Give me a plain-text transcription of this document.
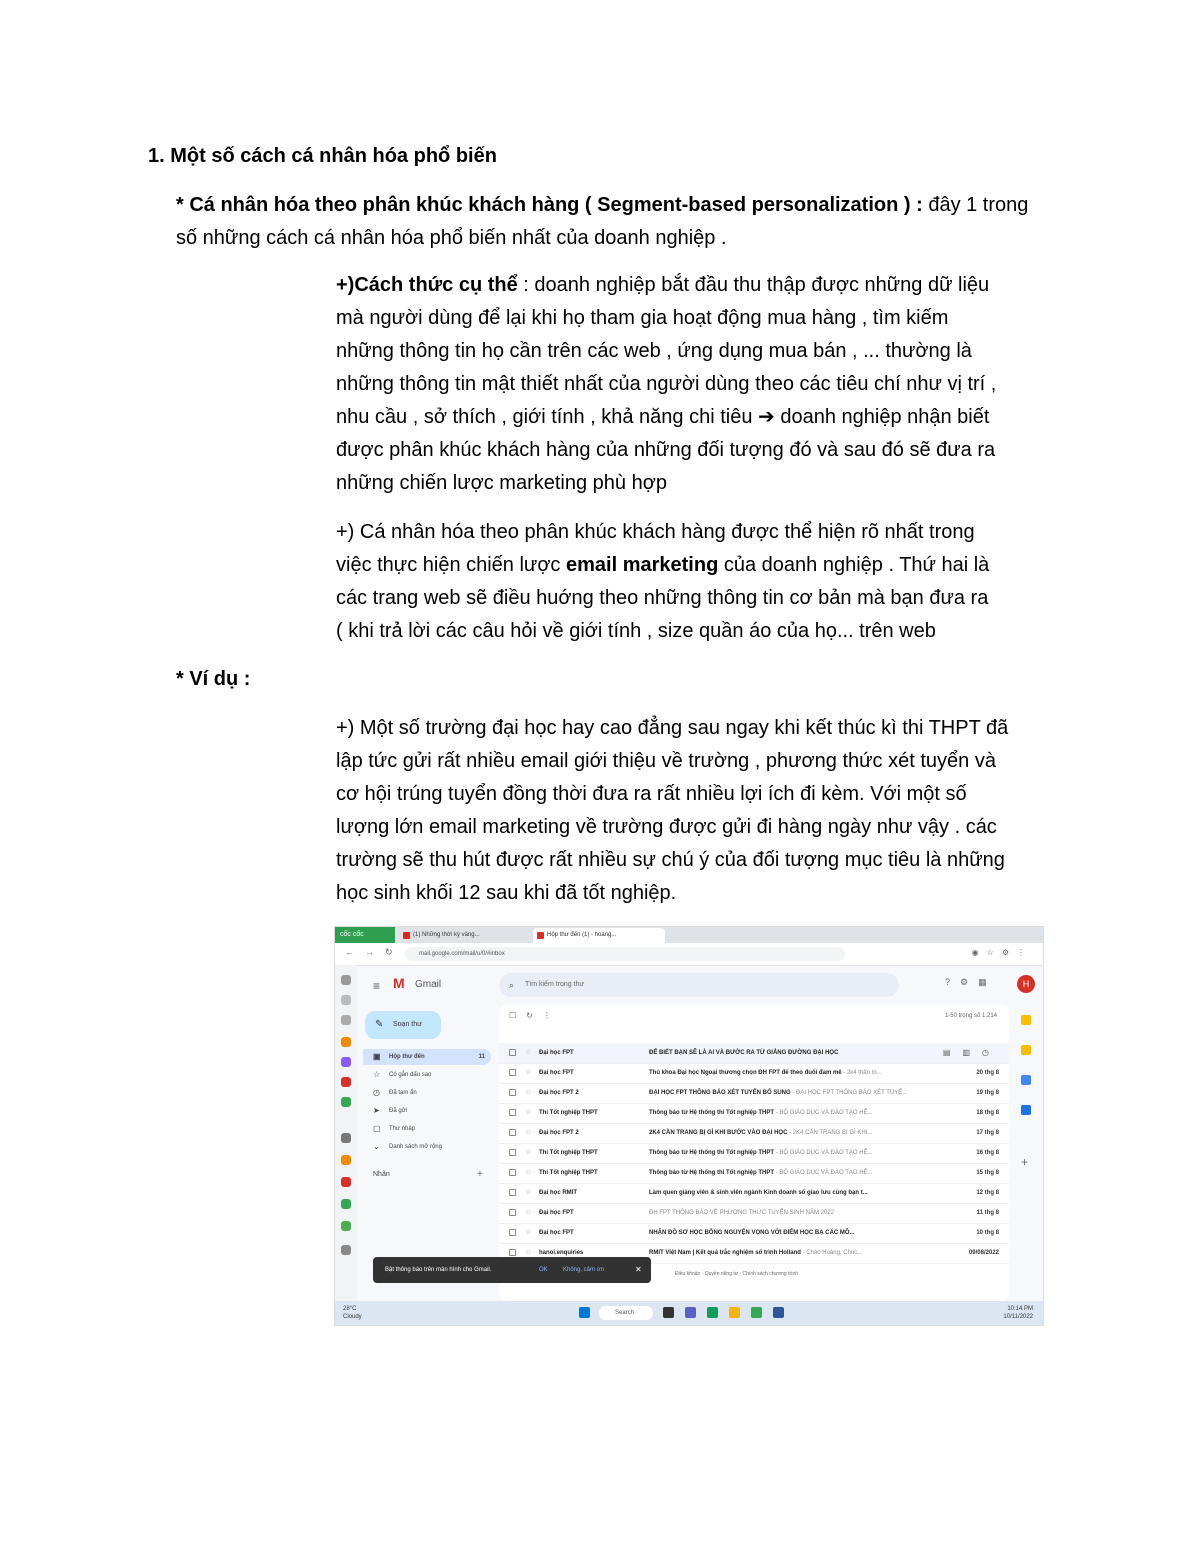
1. Một số cách cá nhân hóa phổ biến
* Cá nhân hóa theo phân khúc khách hàng ( Segment-based personalization ) : đây 1 trong
số những cách cá nhân hóa phổ biến nhất của doanh nghiệp .
+)Cách thức cụ thể : doanh nghiệp bắt đầu thu thập được những dữ liệu
mà người dùng để lại khi họ tham gia hoạt động mua hàng , tìm kiếm
những thông tin họ cần trên các web , ứng dụng mua bán , ... thường là
những thông tin mật thiết nhất của người dùng theo các tiêu chí như vị trí ,
nhu cầu , sở thích , giới tính , khả năng chi tiêu ➔ doanh nghiệp nhận biết
được phân khúc khách hàng của những đối tượng đó và sau đó sẽ đưa ra
những chiến lược marketing phù hợp
+) Cá nhân hóa theo phân khúc khách hàng được thể hiện rõ nhất trong
việc thực hiện chiến lược email marketing của doanh nghiệp . Thứ hai là
các trang web sẽ điều huớng theo những thông tin cơ bản mà bạn đưa ra
( khi trả lời các câu hỏi về giới tính , size quần áo của họ... trên web
* Ví dụ :
+) Một số trường đại học hay cao đẳng sau ngay khi kết thúc kì thi THPT đã
lập tức gửi rất nhiều email giới thiệu về trường , phương thức xét tuyển và
cơ hội trúng tuyển đồng thời đưa ra rất nhiều lợi ích đi kèm. Với một số
lượng lớn email marketing về trường được gửi đi hàng ngày như vậy . các
trường sẽ thu hút được rất nhiều sự chú ý của đối tượng mục tiêu là những
học sinh khối 12 sau khi đã tốt nghiệp.
cốc cốc	(1) Những thời kỳ vàng...	Hộp thư đến (1) - hoang...
← → ↻	mail.google.com/mail/u/0/#inbox	◉☆⚙⋮
≡ M Gmail	⌕ Tìm kiếm trong thư	?⚙▦	H
✎ Soạn thư
▣ Hộp thư đến	11
☆ Có gắn dấu sao
◷ Đã tạm ẩn
➤ Đã gửi
▢ Thư nháp
⌄ Danh sách mở rộng
Nhãn	+
☐↻⋮	1-50 trong số 1.214
☆ Đại học FPT	ĐỂ BIẾT BẠN SẼ LÀ AI VÀ BƯỚC RA TỪ GIẢNG ĐƯỜNG ĐẠI HỌC	▤▥◷
☆ Đại học FPT	Thủ khoa Đại học Ngoại thương chọn ĐH FPT để theo đuổi đam mê - 2k4 thân m...	20 thg 8
☆ Đại học FPT 2	ĐẠI HỌC FPT THÔNG BÁO XÉT TUYỂN BỔ SUNG - ĐẠI HỌC FPT THÔNG BÁO XÉT TUYỂ...	19 thg 8
☆ Thi Tốt nghiệp THPT	Thông báo từ Hệ thống thi Tốt nghiệp THPT - BỘ GIÁO DỤC VÀ ĐÀO TẠO HỆ...	18 thg 8
☆ Đại học FPT 2	2K4 CẦN TRANG BỊ GÌ KHI BƯỚC VÀO ĐẠI HỌC - 2K4 CẦN TRANG BỊ GÌ KHI...	17 thg 8
☆ Thi Tốt nghiệp THPT	Thông báo từ Hệ thống thi Tốt nghiệp THPT - BỘ GIÁO DỤC VÀ ĐÀO TẠO HỆ...	16 thg 8
☆ Thi Tốt nghiệp THPT	Thông báo từ Hệ thống thi Tốt nghiệp THPT - BỘ GIÁO DỤC VÀ ĐÀO TẠO HỆ...	15 thg 8
☆ Đại học RMIT	Làm quen giảng viên & sinh viên ngành Kinh doanh số giao lưu cùng bạn t...	12 thg 8
☆ Đại học FPT	ĐH FPT THÔNG BÁO VỀ PHƯƠNG THỨC TUYỂN SINH NĂM 2022	11 thg 8
☆ Đại học FPT	NHẬN ĐỒ SƠ HỌC BỔNG NGUYỆN VỌNG VỚI ĐIỂM HỌC BẠ CÁC MÔ...	10 thg 8
☆ hanoi.enquiries	RMIT Việt Nam | Kết quả trắc nghiệm số trình Holland - Chào Hoàng, Chúc...	09/08/2022
+
Bật thông báo trên màn hình cho Gmail.	OK	Không, cảm ơn	✕	Điều khoản · Quyền riêng tư · Chính sách chương trình
28°C
Cloudy
Search
10:14 PM
10/11/2022
